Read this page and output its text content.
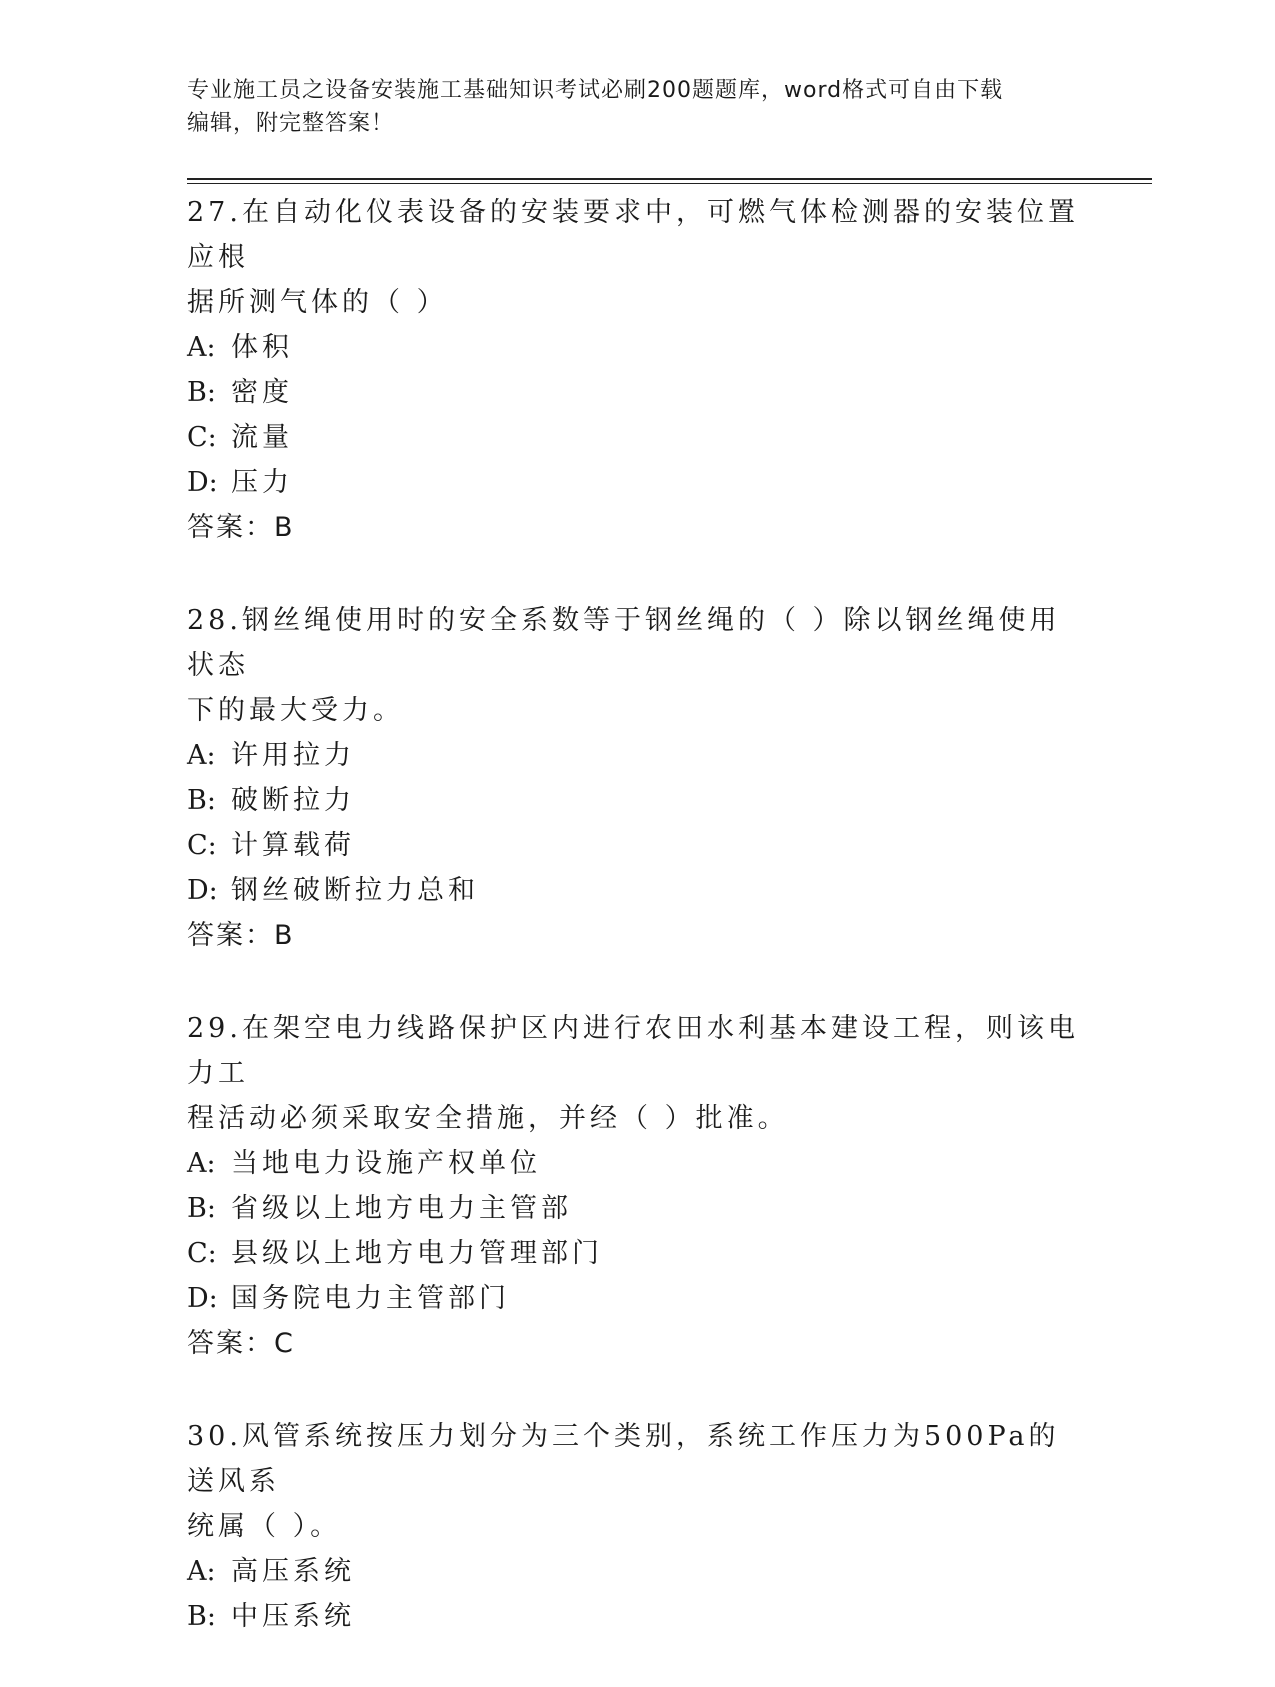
专业施工员之设备安装施工基础知识考试必刷200题题库，word格式可自由下载
编辑，附完整答案！

27.在自动化仪表设备的安装要求中，可燃气体检测器的安装位置应根
据所测气体的（ ）

A: 体积

B: 密度

C: 流量

D: 压力

答案：B

28.钢丝绳使用时的安全系数等于钢丝绳的（ ）除以钢丝绳使用状态
下的最大受力。

A: 许用拉力

B: 破断拉力

C: 计算载荷

D: 钢丝破断拉力总和

答案：B

29.在架空电力线路保护区内进行农田水利基本建设工程，则该电力工
程活动必须采取安全措施，并经（ ）批准。

A: 当地电力设施产权单位

B: 省级以上地方电力主管部

C: 县级以上地方电力管理部门

D: 国务院电力主管部门

答案：C

30.风管系统按压力划分为三个类别，系统工作压力为500Pa的送风系
统属（ ）。

A: 高压系统

B: 中压系统
